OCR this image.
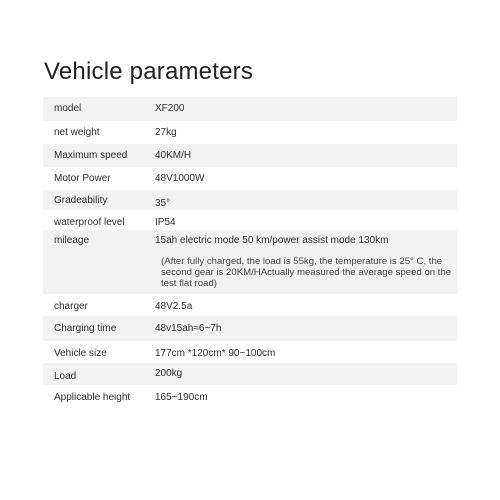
Vehicle parameters
model	XF200
net weight	27kg
Maximum speed	40KM/H
Motor Power	48V1000W
Gradeability	35°
waterproof level	IP54
mileage	15ah electric mode 50 km/power assist mode 130km
(After fully charged, the load is 55kg, the temperature is 25° C, the second gear is 20KM/HActually measured the average speed on the test flat road)
charger	48V2.5a
Charging time	48v15ah≈6~7h
Vehicle size	177cm *120cm* 90~100cm
Load	200kg
Applicable height	165~190cm
